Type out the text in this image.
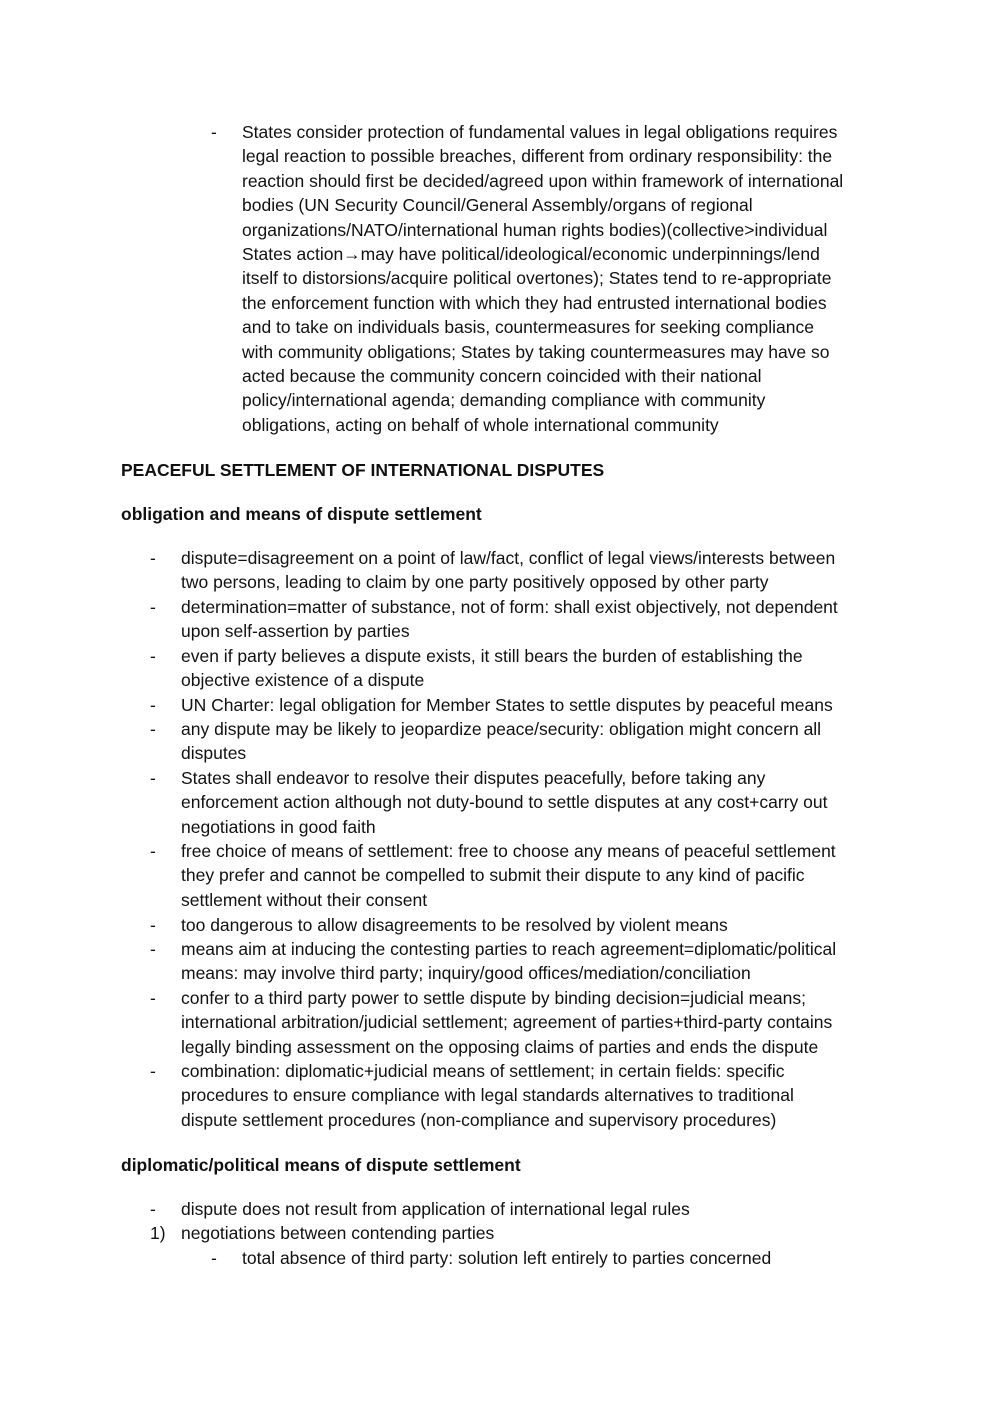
- States consider protection of fundamental values in legal obligations requires
legal reaction to possible breaches, different from ordinary responsibility: the
reaction should first be decided/agreed upon within framework of international
bodies (UN Security Council/General Assembly/organs of regional
organizations/NATO/international human rights bodies)(collective>individual
States action→may have political/ideological/economic underpinnings/lend
itself to distorsions/acquire political overtones); States tend to re-appropriate
the enforcement function with which they had entrusted international bodies
and to take on individuals basis, countermeasures for seeking compliance
with community obligations; States by taking countermeasures may have so
acted because the community concern coincided with their national
policy/international agenda; demanding compliance with community
obligations, acting on behalf of whole international community
PEACEFUL SETTLEMENT OF INTERNATIONAL DISPUTES
obligation and means of dispute settlement
- dispute=disagreement on a point of law/fact, conflict of legal views/interests between
two persons, leading to claim by one party positively opposed by other party
- determination=matter of substance, not of form: shall exist objectively, not dependent
upon self-assertion by parties
- even if party believes a dispute exists, it still bears the burden of establishing the
objective existence of a dispute
- UN Charter: legal obligation for Member States to settle disputes by peaceful means
- any dispute may be likely to jeopardize peace/security: obligation might concern all
disputes
- States shall endeavor to resolve their disputes peacefully, before taking any
enforcement action although not duty-bound to settle disputes at any cost+carry out
negotiations in good faith
- free choice of means of settlement: free to choose any means of peaceful settlement
they prefer and cannot be compelled to submit their dispute to any kind of pacific
settlement without their consent
- too dangerous to allow disagreements to be resolved by violent means
- means aim at inducing the contesting parties to reach agreement=diplomatic/political
means: may involve third party; inquiry/good offices/mediation/conciliation
- confer to a third party power to settle dispute by binding decision=judicial means;
international arbitration/judicial settlement; agreement of parties+third-party contains
legally binding assessment on the opposing claims of parties and ends the dispute
- combination: diplomatic+judicial means of settlement; in certain fields: specific
procedures to ensure compliance with legal standards alternatives to traditional
dispute settlement procedures (non-compliance and supervisory procedures)
diplomatic/political means of dispute settlement
- dispute does not result from application of international legal rules
1) negotiations between contending parties
- total absence of third party: solution left entirely to parties concerned
